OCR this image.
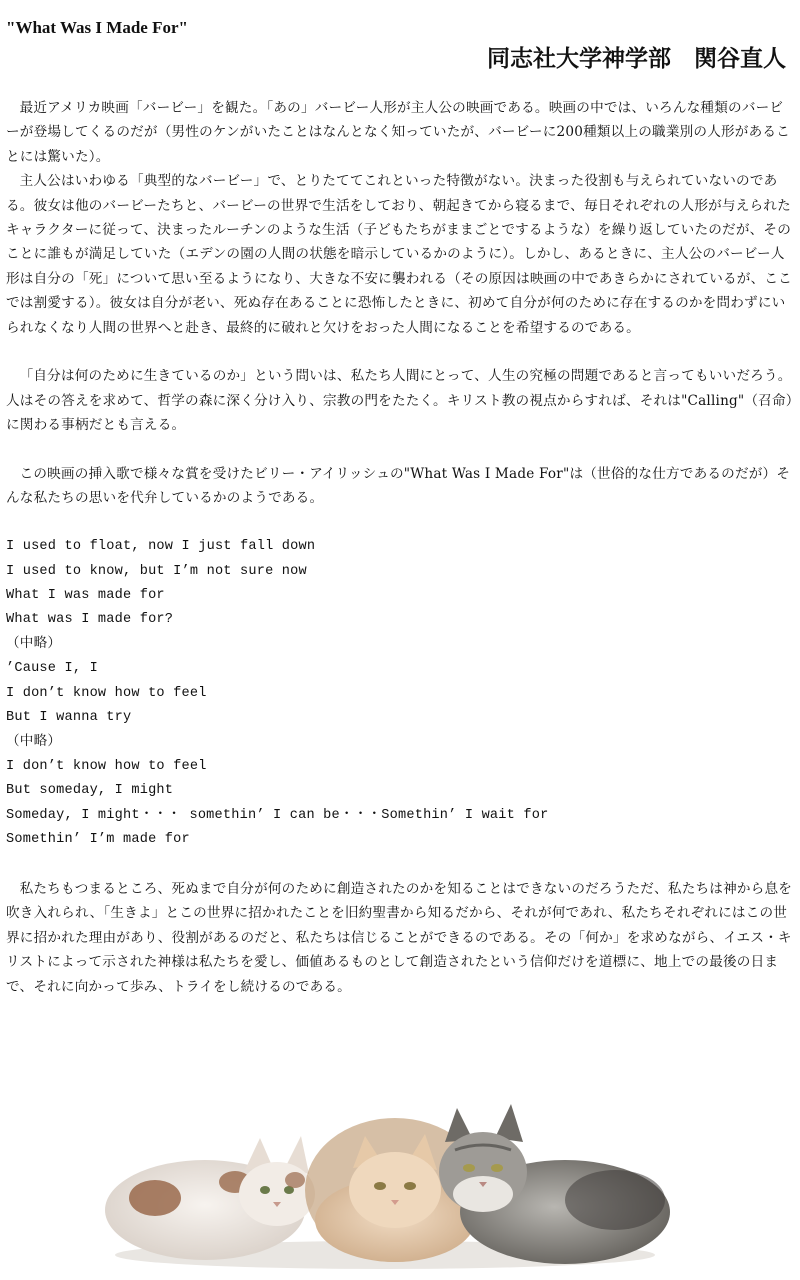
"What Was I Made For"
同志社大学神学部　関谷直人

最近アメリカ映画「バービー」を観た。「あの」バービー人形が主人公の映画である。映画の中では、いろんな種類のバービーが登場してくるのだが（男性のケンがいたことはなんとなく知っていたが、バービーに200種類以上の職業別の人形があることには驚いた）。

主人公はいわゆる「典型的なバービー」で、とりたててこれといった特徴がない。決まった役割も与えられていないのである。彼女は他のバービーたちと、バービーの世界で生活をしており、朝起きてから寝るまで、毎日それぞれの人形が与えられたキャラクターに従って、決まったルーチンのような生活（子どもたちがままごとでするような）を繰り返していたのだが、そのことに誰もが満足していた（エデンの園の人間の状態を暗示しているかのように）。しかし、あるときに、主人公のバービー人形は自分の「死」について思い至るようになり、大きな不安に襲われる（その原因は映画の中であきらかにされているが、ここでは割愛する）。彼女は自分が老い、死ぬ存在あることに恐怖したときに、初めて自分が何のために存在するのかを問わずにいられなくなり人間の世界へと赴き、最終的に破れと欠けをおった人間になることを希望するのである。

「自分は何のために生きているのか」という問いは、私たち人間にとって、人生の究極の問題であると言ってもいいだろう。人はその答えを求めて、哲学の森に深く分け入り、宗教の門をたたく。キリスト教の視点からすれば、それは"Calling"（召命）に関わる事柄だとも言える。

この映画の挿入歌で様々な賞を受けたビリー・アイリッシュの"What Was I Made For"は（世俗的な仕方であるのだが）そんな私たちの思いを代弁しているかのようである。

I used to float, now I just fall down
I used to know, but I’m not sure now
What I was made for
What was I made for?
（中略）
’Cause I, I
I don’t know how to feel
But I wanna try
（中略）
I don’t know how to feel
But someday, I might
Someday, I might・・・ somethin’ I can be・・・Somethin’ I wait for
Somethin’ I’m made for

私たちもつまるところ、死ぬまで自分が何のために創造されたのかを知ることはできないのだろうただ、私たちは神から息を吹き入れられ、「生きよ」とこの世界に招かれたことを旧約聖書から知るだから、それが何であれ、私たちそれぞれにはこの世界に招かれた理由があり、役割があるのだと、私たちは信じることができるのである。その「何か」を求めながら、イエス・キリストによって示された神様は私たちを愛し、価値あるものとして創造されたという信仰だけを道標に、地上での最後の日まで、それに向かって歩み、トライをし続けるのである。
